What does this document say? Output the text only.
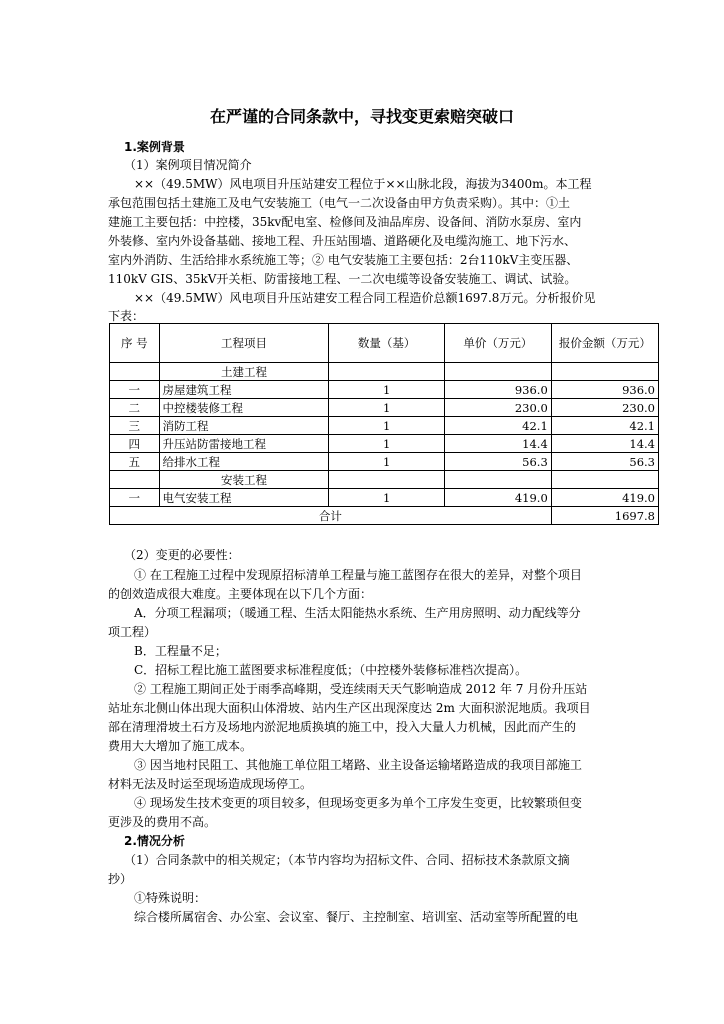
在严谨的合同条款中，寻找变更索赔突破口
1.案例背景
（1）案例项目情况简介
××（49.5MW）风电项目升压站建安工程位于××山脉北段，海拔为3400m。本工程
承包范围包括土建施工及电气安装施工（电气一二次设备由甲方负责采购）。其中：①土
建施工主要包括：中控楼，35kv配电室、检修间及油品库房、设备间、消防水泵房、室内
外装修、室内外设备基础、接地工程、升压站围墙、道路硬化及电缆沟施工、地下污水、
室内外消防、生活给排水系统施工等；② 电气安装施工主要包括：2台110kV主变压器、
110kV GIS、35kV开关柜、防雷接地工程、一二次电缆等设备安装施工、调试、试验。
××（49.5MW）风电项目升压站建安工程合同工程造价总额1697.8万元。分析报价见
下表：
序 号	工程项目	数量（基）	单价（万元）	报价金额（万元）
	土建工程			
一	房屋建筑工程	1	936.0	936.0
二	中控楼装修工程	1	230.0	230.0
三	消防工程	1	42.1	42.1
四	升压站防雷接地工程	1	14.4	14.4
五	给排水工程	1	56.3	56.3
	安装工程			
一	电气安装工程	1	419.0	419.0
合计				1697.8
（2）变更的必要性：
① 在工程施工过程中发现原招标清单工程量与施工蓝图存在很大的差异，对整个项目
的创效造成很大难度。主要体现在以下几个方面：
A．分项工程漏项；（暖通工程、生活太阳能热水系统、生产用房照明、动力配线等分
项工程）
B．工程量不足；
C．招标工程比施工蓝图要求标准程度低；（中控楼外装修标准档次提高）。
② 工程施工期间正处于雨季高峰期，受连续雨天天气影响造成 2012 年 7 月份升压站
站址东北侧山体出现大面积山体滑坡、站内生产区出现深度达 2m 大面积淤泥地质。我项目
部在清理滑坡土石方及场地内淤泥地质换填的施工中，投入大量人力机械，因此而产生的
费用大大增加了施工成本。
③ 因当地村民阻工、其他施工单位阻工堵路、业主设备运输堵路造成的我项目部施工
材料无法及时运至现场造成现场停工。
④ 现场发生技术变更的项目较多，但现场变更多为单个工序发生变更，比较繁琐但变
更涉及的费用不高。
2.情况分析
（1）合同条款中的相关规定；（本节内容均为招标文件、合同、招标技术条款原文摘
抄）
①特殊说明：
综合楼所属宿舍、办公室、会议室、餐厅、主控制室、培训室、活动室等所配置的电
